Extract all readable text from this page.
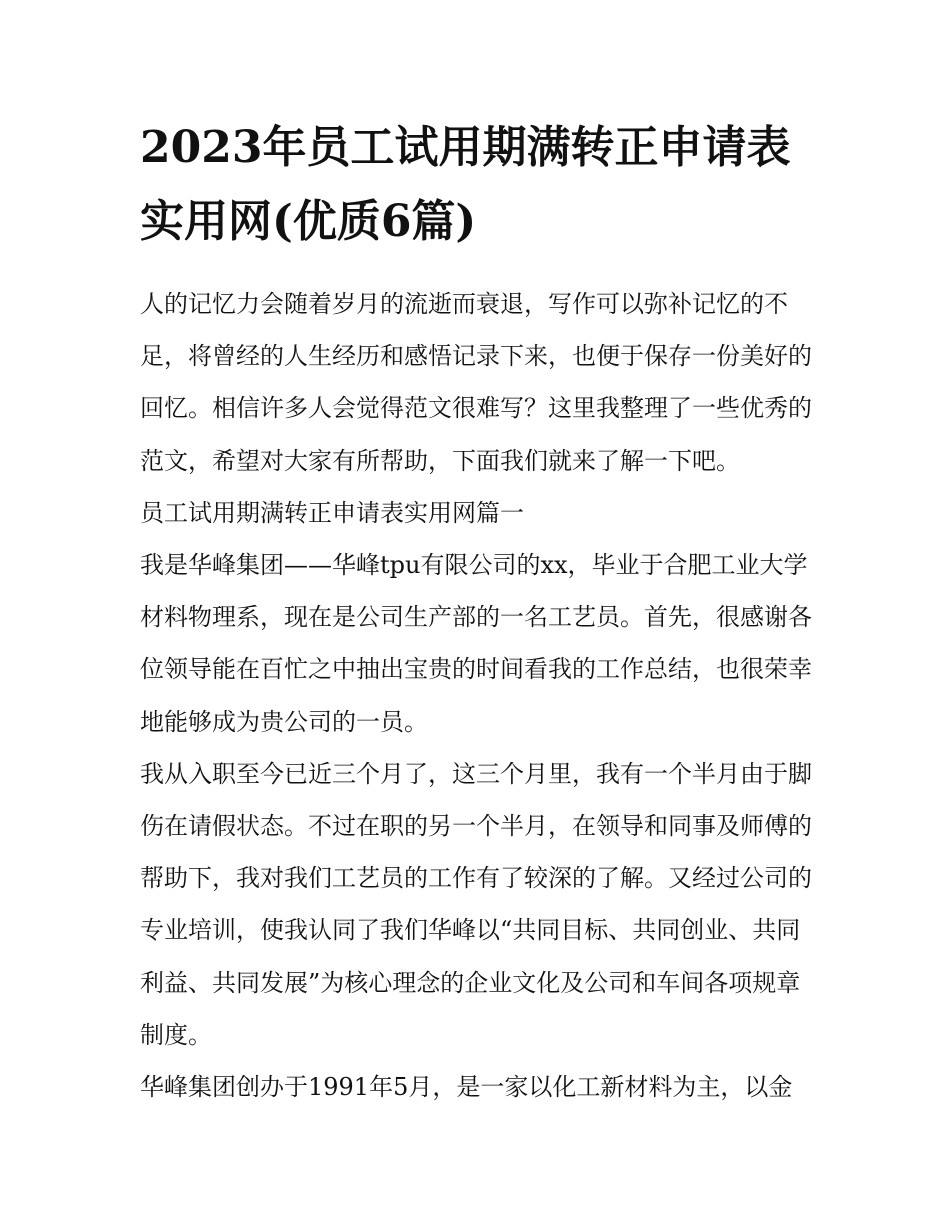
2023年员工试用期满转正申请表实用网(优质6篇)

人的记忆力会随着岁月的流逝而衰退，写作可以弥补记忆的不足，将曾经的人生经历和感悟记录下来，也便于保存一份美好的回忆。相信许多人会觉得范文很难写？这里我整理了一些优秀的范文，希望对大家有所帮助，下面我们就来了解一下吧。

员工试用期满转正申请表实用网篇一

我是华峰集团——华峰tpu有限公司的xx，毕业于合肥工业大学材料物理系，现在是公司生产部的一名工艺员。首先，很感谢各位领导能在百忙之中抽出宝贵的时间看我的工作总结，也很荣幸地能够成为贵公司的一员。

我从入职至今已近三个月了，这三个月里，我有一个半月由于脚伤在请假状态。不过在职的另一个半月，在领导和同事及师傅的帮助下，我对我们工艺员的工作有了较深的了解。又经过公司的专业培训，使我认同了我们华峰以“共同目标、共同创业、共同利益、共同发展”为核心理念的企业文化及公司和车间各项规章制度。

华峰集团创办于1991年5月，是一家以化工新材料为主，以金
